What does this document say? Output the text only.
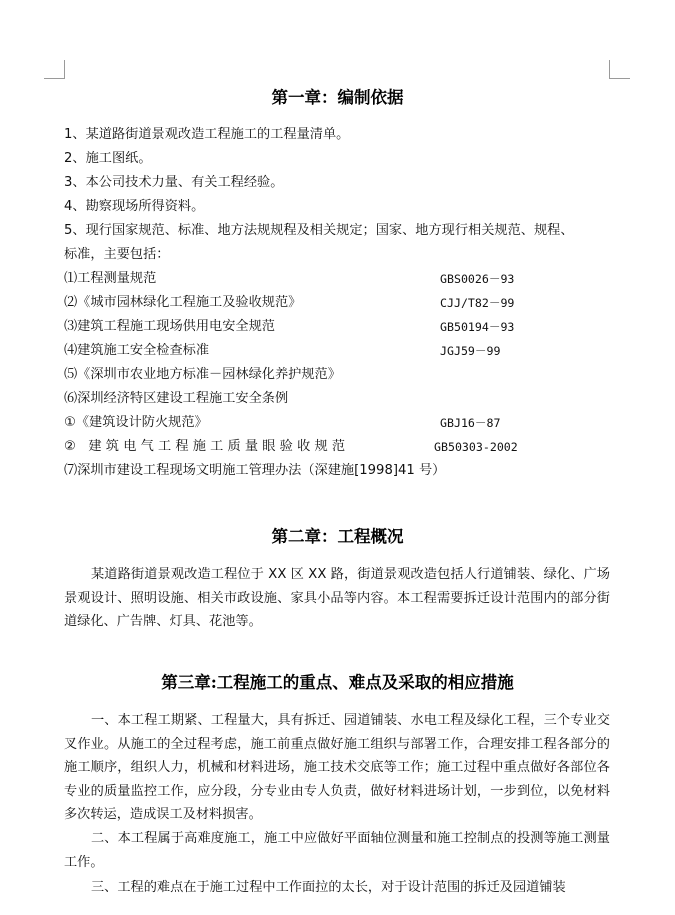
第一章：编制依据
1、某道路街道景观改造工程施工的工程量清单。
2、施工图纸。
3、本公司技术力量、有关工程经验。
4、勘察现场所得资料。
5、现行国家规范、标准、地方法规规程及相关规定；国家、地方现行相关规范、规程、
标准，主要包括：
⑴工程测量规范	GBS0026－93
⑵《城市园林绿化工程施工及验收规范》	CJJ/T82－99
⑶建筑工程施工现场供用电安全规范	GB50194－93
⑷建筑施工安全检查标准	JGJ59－99
⑸《深圳市农业地方标准－园林绿化养护规范》
⑹深圳经济特区建设工程施工安全条例
①《建筑设计防火规范》	GBJ16－87
② 建筑电气工程施工质量眼验收规范	GB50303-2002
⑺深圳市建设工程现场文明施工管理办法（深建施[1998]41 号）
第二章：工程概况

某道路街道景观改造工程位于 XX 区 XX 路，街道景观改造包括人行道铺装、绿化、广场景观设计、照明设施、相关市政设施、家具小品等内容。本工程需要拆迁设计范围内的部分街道绿化、广告牌、灯具、花池等。

第三章:工程施工的重点、难点及采取的相应措施

一、本工程工期紧、工程量大，具有拆迁、园道铺装、水电工程及绿化工程，三个专业交叉作业。从施工的全过程考虑，施工前重点做好施工组织与部署工作，合理安排工程各部分的施工顺序，组织人力，机械和材料进场，施工技术交底等工作；施工过程中重点做好各部位各专业的质量监控工作，应分段，分专业由专人负责，做好材料进场计划，一步到位，以免材料多次转运，造成误工及材料损害。

二、本工程属于高难度施工，施工中应做好平面轴位测量和施工控制点的投测等施工测量工作。

三、工程的难点在于施工过程中工作面拉的太长，对于设计范围的拆迁及园道铺装
